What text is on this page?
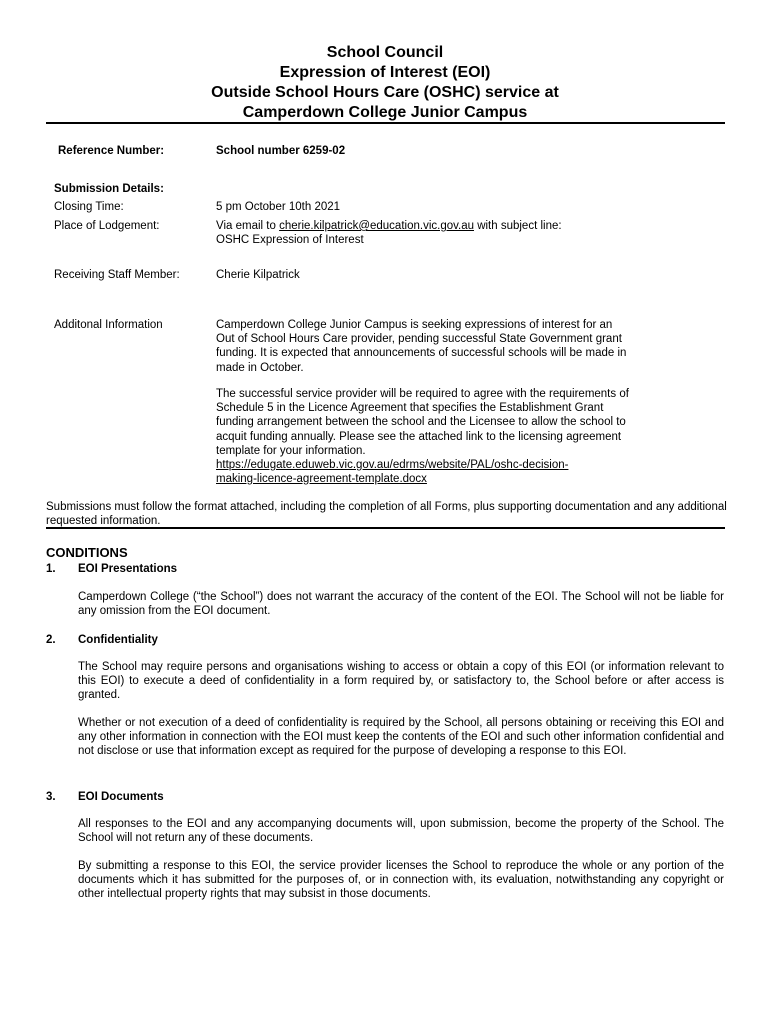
School Council
Expression of Interest (EOI)
Outside School Hours Care (OSHC) service at
Camperdown College Junior Campus
Reference Number:	School number 6259-02
Submission Details:
Closing Time:	5 pm October 10th 2021
Place of Lodgement:	Via email to cherie.kilpatrick@education.vic.gov.au with subject line:
OSHC Expression of Interest
Receiving Staff Member:	Cherie Kilpatrick
Additonal Information	Camperdown College Junior Campus is seeking expressions of interest for an Out of School Hours Care provider, pending successful State Government grant funding. It is expected that announcements of successful schools will be made in made in October.
The successful service provider will be required to agree with the requirements of Schedule 5 in the Licence Agreement that specifies the Establishment Grant funding arrangement between the school and the Licensee to allow the school to acquit funding annually. Please see the attached link to the licensing agreement template for your information.
https://edugate.eduweb.vic.gov.au/edrms/website/PAL/oshc-decision-
making-licence-agreement-template.docx
Submissions must follow the format attached, including the completion of all Forms, plus supporting documentation and any additional requested information.
CONDITIONS
1. EOI Presentations
Camperdown College (“the School”) does not warrant the accuracy of the content of the EOI. The School will not be liable for any omission from the EOI document.
2. Confidentiality
The School may require persons and organisations wishing to access or obtain a copy of this EOI (or information relevant to this EOI) to execute a deed of confidentiality in a form required by, or satisfactory to, the School before or after access is granted.
Whether or not execution of a deed of confidentiality is required by the School, all persons obtaining or receiving this EOI and any other information in connection with the EOI must keep the contents of the EOI and such other information confidential and not disclose or use that information except as required for the purpose of developing a response to this EOI.
3. EOI Documents
All responses to the EOI and any accompanying documents will, upon submission, become the property of the School. The School will not return any of these documents.
By submitting a response to this EOI, the service provider licenses the School to reproduce the whole or any portion of the documents which it has submitted for the purposes of, or in connection with, its evaluation, notwithstanding any copyright or other intellectual property rights that may subsist in those documents.
